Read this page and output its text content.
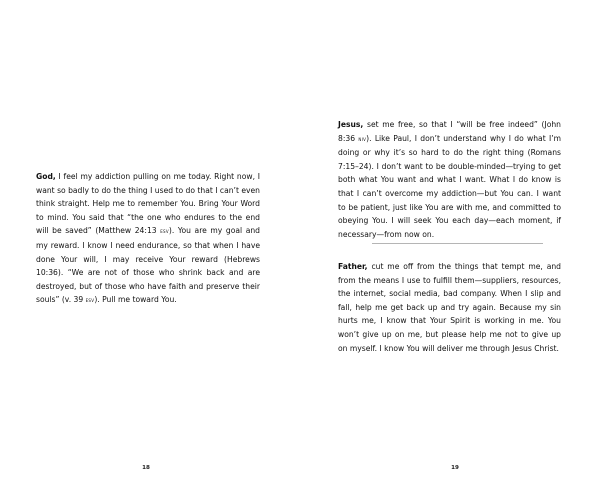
God, I feel my addiction pulling on me today. Right now, I want so badly to do the thing I used to do that I can’t even think straight. Help me to remember You. Bring Your Word to mind. You said that “the one who endures to the end will be saved” (Matthew 24:13 esv). You are my goal and my reward. I know I need endurance, so that when I have done Your will, I may receive Your reward (Hebrews 10:36). “We are not of those who shrink back and are destroyed, but of those who have faith and preserve their souls” (v. 39 esv). Pull me toward You.

18

Jesus, set me free, so that I “will be free indeed” (John 8:36 niv). Like Paul, I don’t understand why I do what I’m doing or why it’s so hard to do the right thing (Romans 7:15–24). I don’t want to be double-minded—trying to get both what You want and what I want. What I do know is that I can’t overcome my addiction—but You can. I want to be patient, just like You are with me, and committed to obeying You. I will seek You each day—each moment, if necessary—from now on.

Father, cut me off from the things that tempt me, and from the means I use to fulfill them—suppliers, resources, the internet, social media, bad company. When I slip and fall, help me get back up and try again. Because my sin hurts me, I know that Your Spirit is working in me. You won’t give up on me, but please help me not to give up on myself. I know You will deliver me through Jesus Christ.

19
